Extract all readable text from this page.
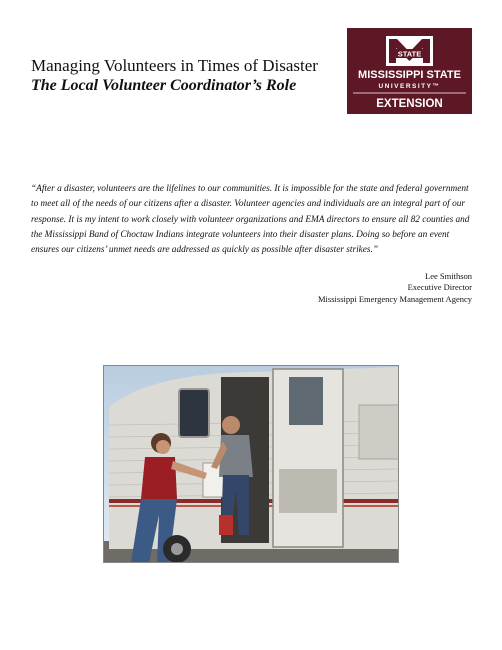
Managing Volunteers in Times of Disaster
The Local Volunteer Coordinator’s Role
STATE
MISSISSIPPI STATE
UNIVERSITY™
EXTENSION

“After a disaster, volunteers are the lifelines to our communities. It is impossible for the state and federal government to meet all of the needs of our citizens after a disaster. Volunteer agencies and individuals are an integral part of our response. It is my intent to work closely with volunteer organizations and EMA directors to ensure all 82 counties and the Mississippi Band of Choctaw Indians integrate volunteers into their disaster plans. Doing so before an event ensures our citizens’ unmet needs are addressed as quickly as possible after disaster strikes.”

Lee Smithson
Executive Director
Mississippi Emergency Management Agency
